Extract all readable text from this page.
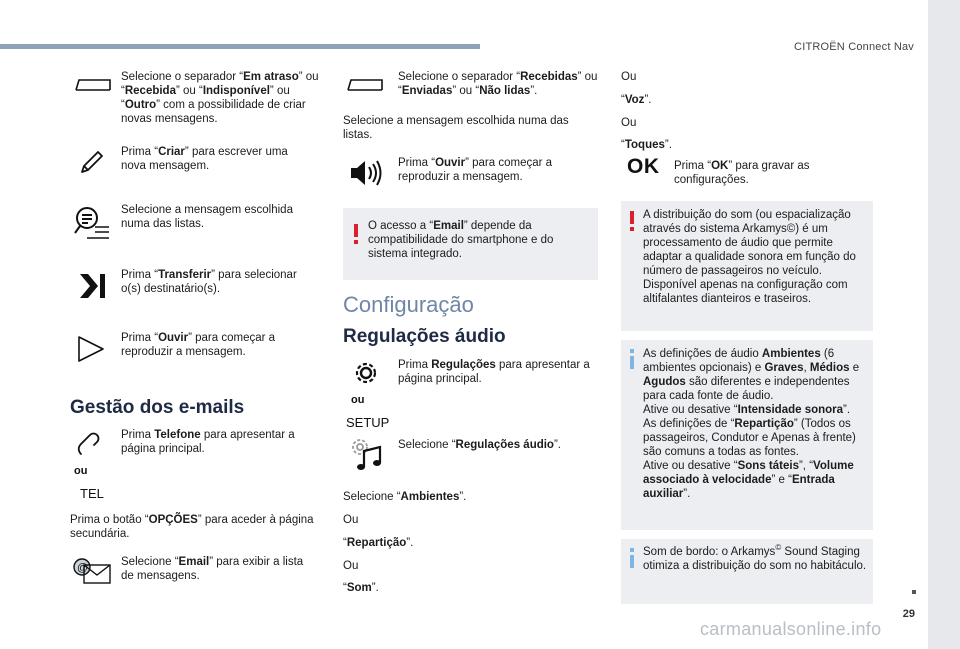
CITROËN Connect Nav
29
Selecione o separador “Em atraso” ou “Recebida” ou “Indisponível” ou “Outro” com a possibilidade de criar novas mensagens.
Prima “Criar” para escrever uma nova mensagem.
Selecione a mensagem escolhida numa das listas.
Prima “Transferir” para selecionar o(s) destinatário(s).
Prima “Ouvir” para começar a reproduzir a mensagem.
Gestão dos e-mails
ou
TEL
Prima Telefone para apresentar a página principal.
Prima o botão “OPÇÕES” para aceder à página secundária.
@	Selecione “Email” para exibir a lista de mensagens.
Selecione o separador “Recebidas” ou “Enviadas” ou “Não lidas”.
Selecione a mensagem escolhida numa das listas.
Prima “Ouvir” para começar a reproduzir a mensagem.
O acesso a “Email” depende da compatibilidade do smartphone e do sistema integrado.
Configuração
Regulações áudio
ou
SETUP
Prima Regulações para apresentar a página principal.
Selecione “Regulações áudio”.
Selecione “Ambientes”.
Ou
“Repartição”.
Ou
“Som”.
Ou
“Voz”.
Ou
“Toques”.
OK Prima “OK” para gravar as configurações.
A distribuição do som (ou espacialização através do sistema Arkamys©) é um processamento de áudio que permite adaptar a qualidade sonora em função do número de passageiros no veículo. Disponível apenas na configuração com altifalantes dianteiros e traseiros.
As definições de áudio Ambientes (6 ambientes opcionais) e Graves, Médios e Agudos são diferentes e independentes para cada fonte de áudio.
Ative ou desative “Intensidade sonora”.
As definições de “Repartição” (Todos os passageiros, Condutor e Apenas à frente) são comuns a todas as fontes.
Ative ou desative “Sons táteis”, “Volume associado à velocidade” e “Entrada auxiliar”.
Som de bordo: o Arkamys© Sound Staging otimiza a distribuição do som no habitáculo.
carmanualsonline.info
